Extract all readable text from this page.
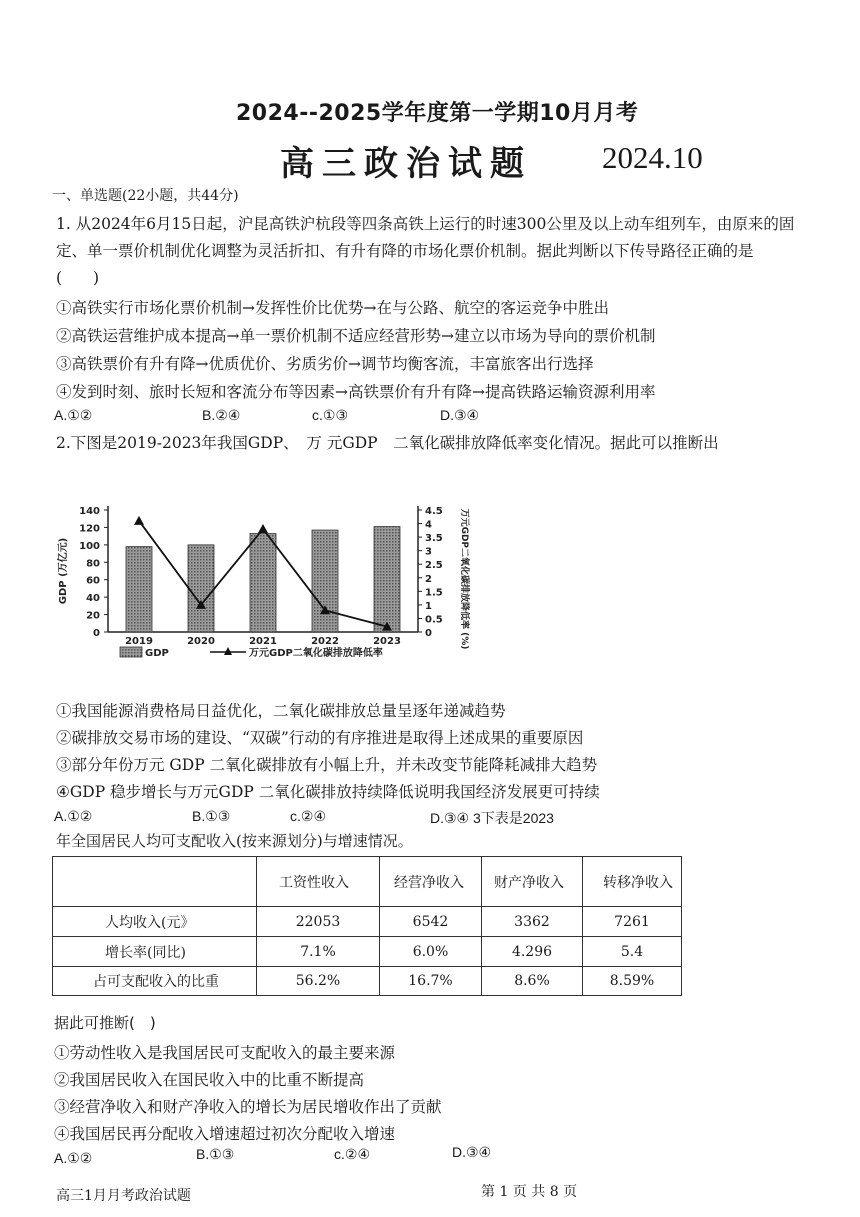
2024--2025学年度第一学期10月月考
高三政治试题 2024.10
一、单选题(22小题，共44分)
1. 从2024年6月15日起，沪昆高铁沪杭段等四条高铁上运行的时速300公里及以上动车组列车，由原来的固定、单一票价机制优化调整为灵活折扣、有升有降的市场化票价机制。据此判断以下传导路径正确的是(　　)
①高铁实行市场化票价机制→发挥性价比优势→在与公路、航空的客运竞争中胜出
②高铁运营维护成本提高→单一票价机制不适应经营形势→建立以市场为导向的票价机制
③高铁票价有升有降→优质优价、劣质劣价→调节均衡客流，丰富旅客出行选择
④发到时刻、旅时长短和客流分布等因素→高铁票价有升有降→提高铁路运输资源利用率
A.①②	B.②④	c.①③	D.③④
2.下图是2019-2023年我国GDP、　万 元GDP　二氧化碳排放降低率变化情况。据此可以推断出
0
20
40
60
80
100
120
140
0
0.5
1
1.5
2
2.5
3
3.5
4
4.5
GDP (万亿元)	万元GDP二氧化碳排放降低率 (%)
2019	2020	2021	2022	2023
GDP	万元GDP二氧化碳排放降低率
①我国能源消费格局日益优化，二氧化碳排放总量呈逐年递减趋势
②碳排放交易市场的建设、“双碳”行动的有序推进是取得上述成果的重要原因
③部分年份万元 GDP 二氧化碳排放有小幅上升，并未改变节能降耗减排大趋势
④GDP 稳步增长与万元GDP 二氧化碳排放持续降低说明我国经济发展更可持续
A.①②	B.①③	c.②④	D.③④ 3下表是2023
年全国居民人均可支配收入(按来源划分)与增速情况。
	工资性收入	经营净收入	财产净收入	转移净收入
人均收入(元》	22053	6542	3362	7261
增长率(同比)	7.1%	6.0%	4.296	5.4
占可支配收入的比重	56.2%	16.7%	8.6%	8.59%
据此可推断(　)
①劳动性收入是我国居民可支配收入的最主要来源
②我国居民收入在国民收入中的比重不断提高
③经营净收入和财产净收入的增长为居民增收作出了贡献
④我国居民再分配收入增速超过初次分配收入增速
A.①②	B.①③	c.②④	D.③④
高三1月月考政治试题	第 1 页 共 8 页
